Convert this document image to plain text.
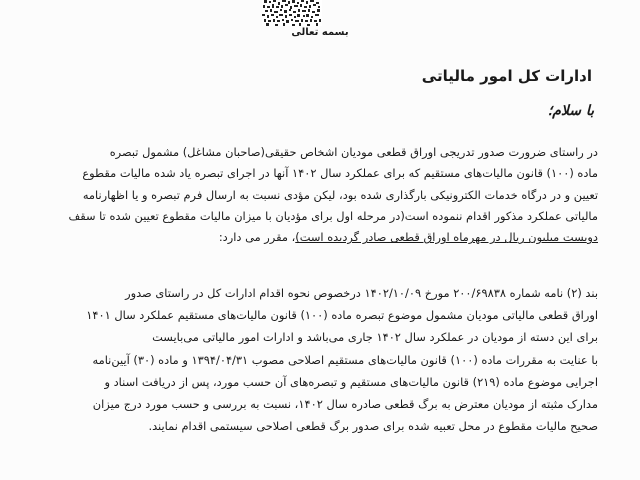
بسمه تعالی
ادارات کل امور مالیاتی
با سلام؛
در راستای ضرورت صدور تدریجی اوراق قطعی مودیان اشخاص حقیقی(صاحبان مشاغل) مشمول تبصره
ماده (۱۰۰) قانون مالیات‌های مستقیم که برای عملکرد سال ۱۴۰۲ آنها در اجرای تبصره یاد شده مالیات مقطوع
تعیین و در درگاه خدمات الکترونیکی بارگذاری شده بود، لیکن مؤدی نسبت به ارسال فرم تبصره و یا اظهارنامه
مالیاتی عملکرد مذکور اقدام ننموده است(در مرحله اول برای مؤدیان با میزان مالیات مقطوع تعیین شده تا سقف
دویست میلیون ریال در مهرماه اوراق قطعی صادر گردیده است)، مقرر می دارد:
بند (۲) نامه شماره ۲۰۰/۶۹۸۳۸ مورخ ۱۴۰۲/۱۰/۰۹ درخصوص نحوه اقدام ادارات کل در راستای صدور
اوراق قطعی مالیاتی مودیان مشمول موضوع تبصره ماده (۱۰۰) قانون مالیات‌های مستقیم عملکرد سال ۱۴۰۱
برای این دسته از مودیان در عملکرد سال ۱۴۰۲ جاری می‌باشد و ادارات امور مالیاتی می‌بایست
با عنایت به مقررات ماده (۱۰۰) قانون مالیات‌های مستقیم اصلاحی مصوب ۱۳۹۴/۰۴/۳۱ و ماده (۳۰) آیین‌نامه
اجرایی موضوع ماده (۲۱۹) قانون مالیات‌های مستقیم و تبصره‌های آن حسب مورد، پس از دریافت اسناد و
مدارک مثبته از مودیان معترض به برگ قطعی صادره سال ۱۴۰۲، نسبت به بررسی و حسب مورد درج میزان
صحیح مالیات مقطوع در محل تعبیه شده برای صدور برگ قطعی اصلاحی سیستمی اقدام نمایند.
